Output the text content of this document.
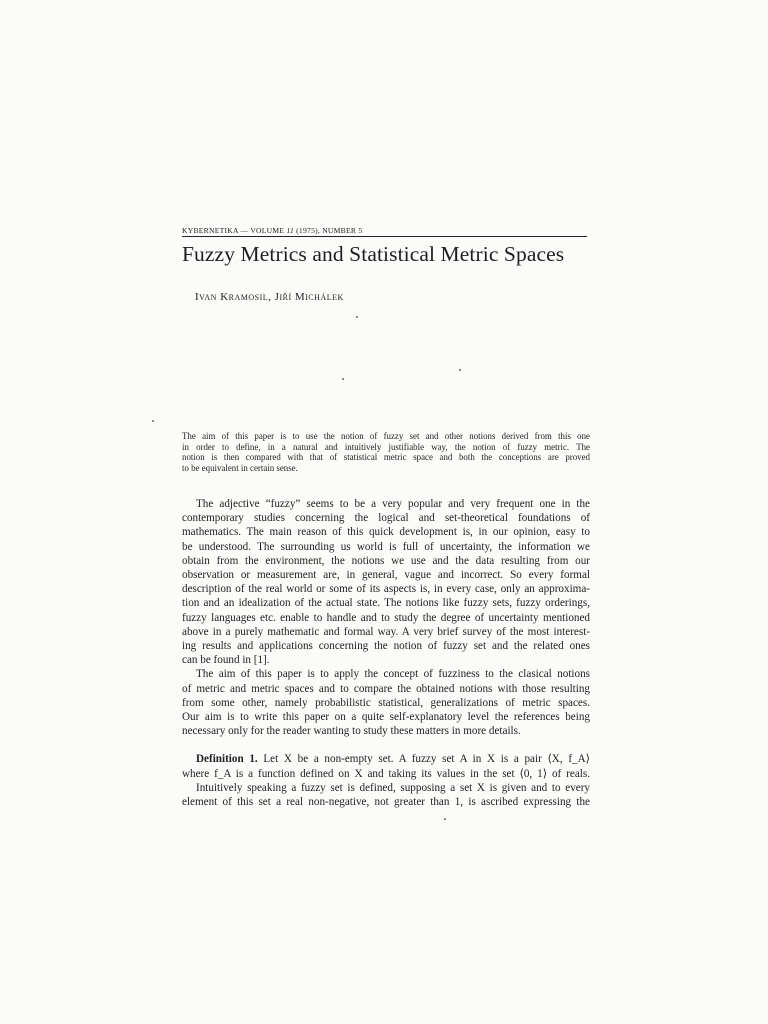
KYBERNETIKA — VOLUME 11 (1975), NUMBER 5
Fuzzy Metrics and Statistical Metric Spaces
Ivan Kramosil, Jiří Michálek
The aim of this paper is to use the notion of fuzzy set and other notions derived from this one
in order to define, in a natural and intuitively justifiable way, the notion of fuzzy metric. The
notion is then compared with that of statistical metric space and both the conceptions are proved
to be equivalent in certain sense.
The adjective “fuzzy” seems to be a very popular and very frequent one in the
contemporary studies concerning the logical and set-theoretical foundations of
mathematics. The main reason of this quick development is, in our opinion, easy to
be understood. The surrounding us world is full of uncertainty, the information we
obtain from the environment, the notions we use and the data resulting from our
observation or measurement are, in general, vague and incorrect. So every formal
description of the real world or some of its aspects is, in every case, only an approxima-
tion and an idealization of the actual state. The notions like fuzzy sets, fuzzy orderings,
fuzzy languages etc. enable to handle and to study the degree of uncertainty mentioned
above in a purely mathematic and formal way. A very brief survey of the most interest-
ing results and applications concerning the notion of fuzzy set and the related ones
can be found in [1].
The aim of this paper is to apply the concept of fuzziness to the clasical notions
of metric and metric spaces and to compare the obtained notions with those resulting
from some other, namely probabilistic statistical, generalizations of metric spaces.
Our aim is to write this paper on a quite self-explanatory level the references being
necessary only for the reader wanting to study these matters in more details.
Definition 1. Let X be a non-empty set. A fuzzy set A in X is a pair ⟨X, f_A⟩
where f_A is a function defined on X and taking its values in the set ⟨0, 1⟩ of reals.
Intuitively speaking a fuzzy set is defined, supposing a set X is given and to every
element of this set a real non-negative, not greater than 1, is ascribed expressing the
